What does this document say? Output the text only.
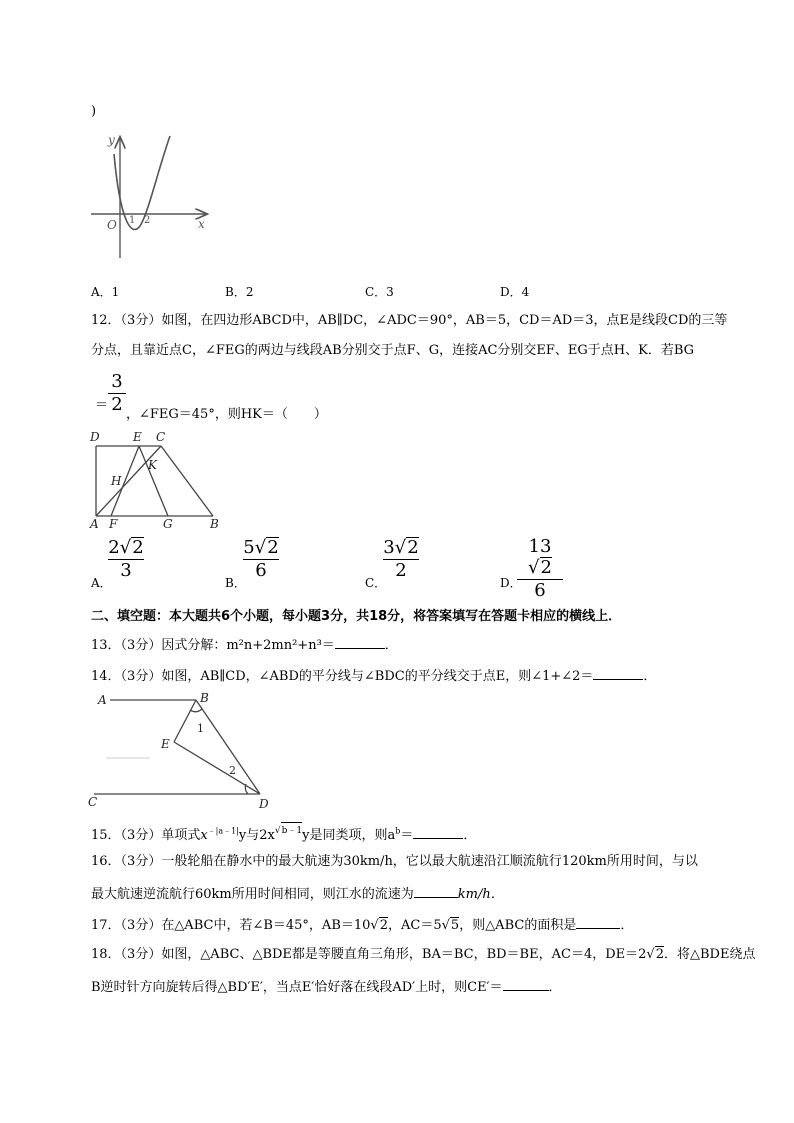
)
y
x
O 1 2
A．1	B．2	C．3	D．4
12．（3分）如图，在四边形ABCD中，AB∥DC，∠ADC＝90°，AB＝5，CD＝AD＝3，点E是线段CD的三等
分点，且靠近点C，∠FEG的两边与线段AB分别交于点F、G，连接AC分别交EF、EG于点H、K．若BG
＝
3
2 ，∠FEG＝45°，则HK＝（　　）
D	E C
H
K
A F	G	B
A．
2√2
3
B．
5√2
6
C．
3√2
2
D．
13√2
6
二、填空题：本大题共6个小题，每小题3分，共18分，将答案填写在答题卡相应的横线上．
13．（3分）因式分解：m²n+2mn²+n³＝	．
14．（3分）如图，AB∥CD，∠ABD的平分线与∠BDC的平分线交于点E，则∠1+∠2＝	．
A	B
E
C	D
1
2
15．（3分）单项式$x^{﹣|a﹣1|}y$与2x√b﹣1y是同类项，则$a^b=$	．
16．（3分）一般轮船在静水中的最大航速为30km/h，它以最大航速沿江顺流航行120km所用时间，与以
最大航速逆流航行60km所用时间相同，则江水的流速为	km/h．
17．（3分）在△ABC中，若∠B＝45°，AB＝10√2，AC＝5√5，则△ABC的面积是	．
18．（3分）如图，△ABC、△BDE都是等腰直角三角形，BA＝BC，BD＝BE，AC＝4，DE＝2√2．将△BDE绕点
B逆时针方向旋转后得△BD′E′，当点E′恰好落在线段AD′上时，则CE′＝	．
